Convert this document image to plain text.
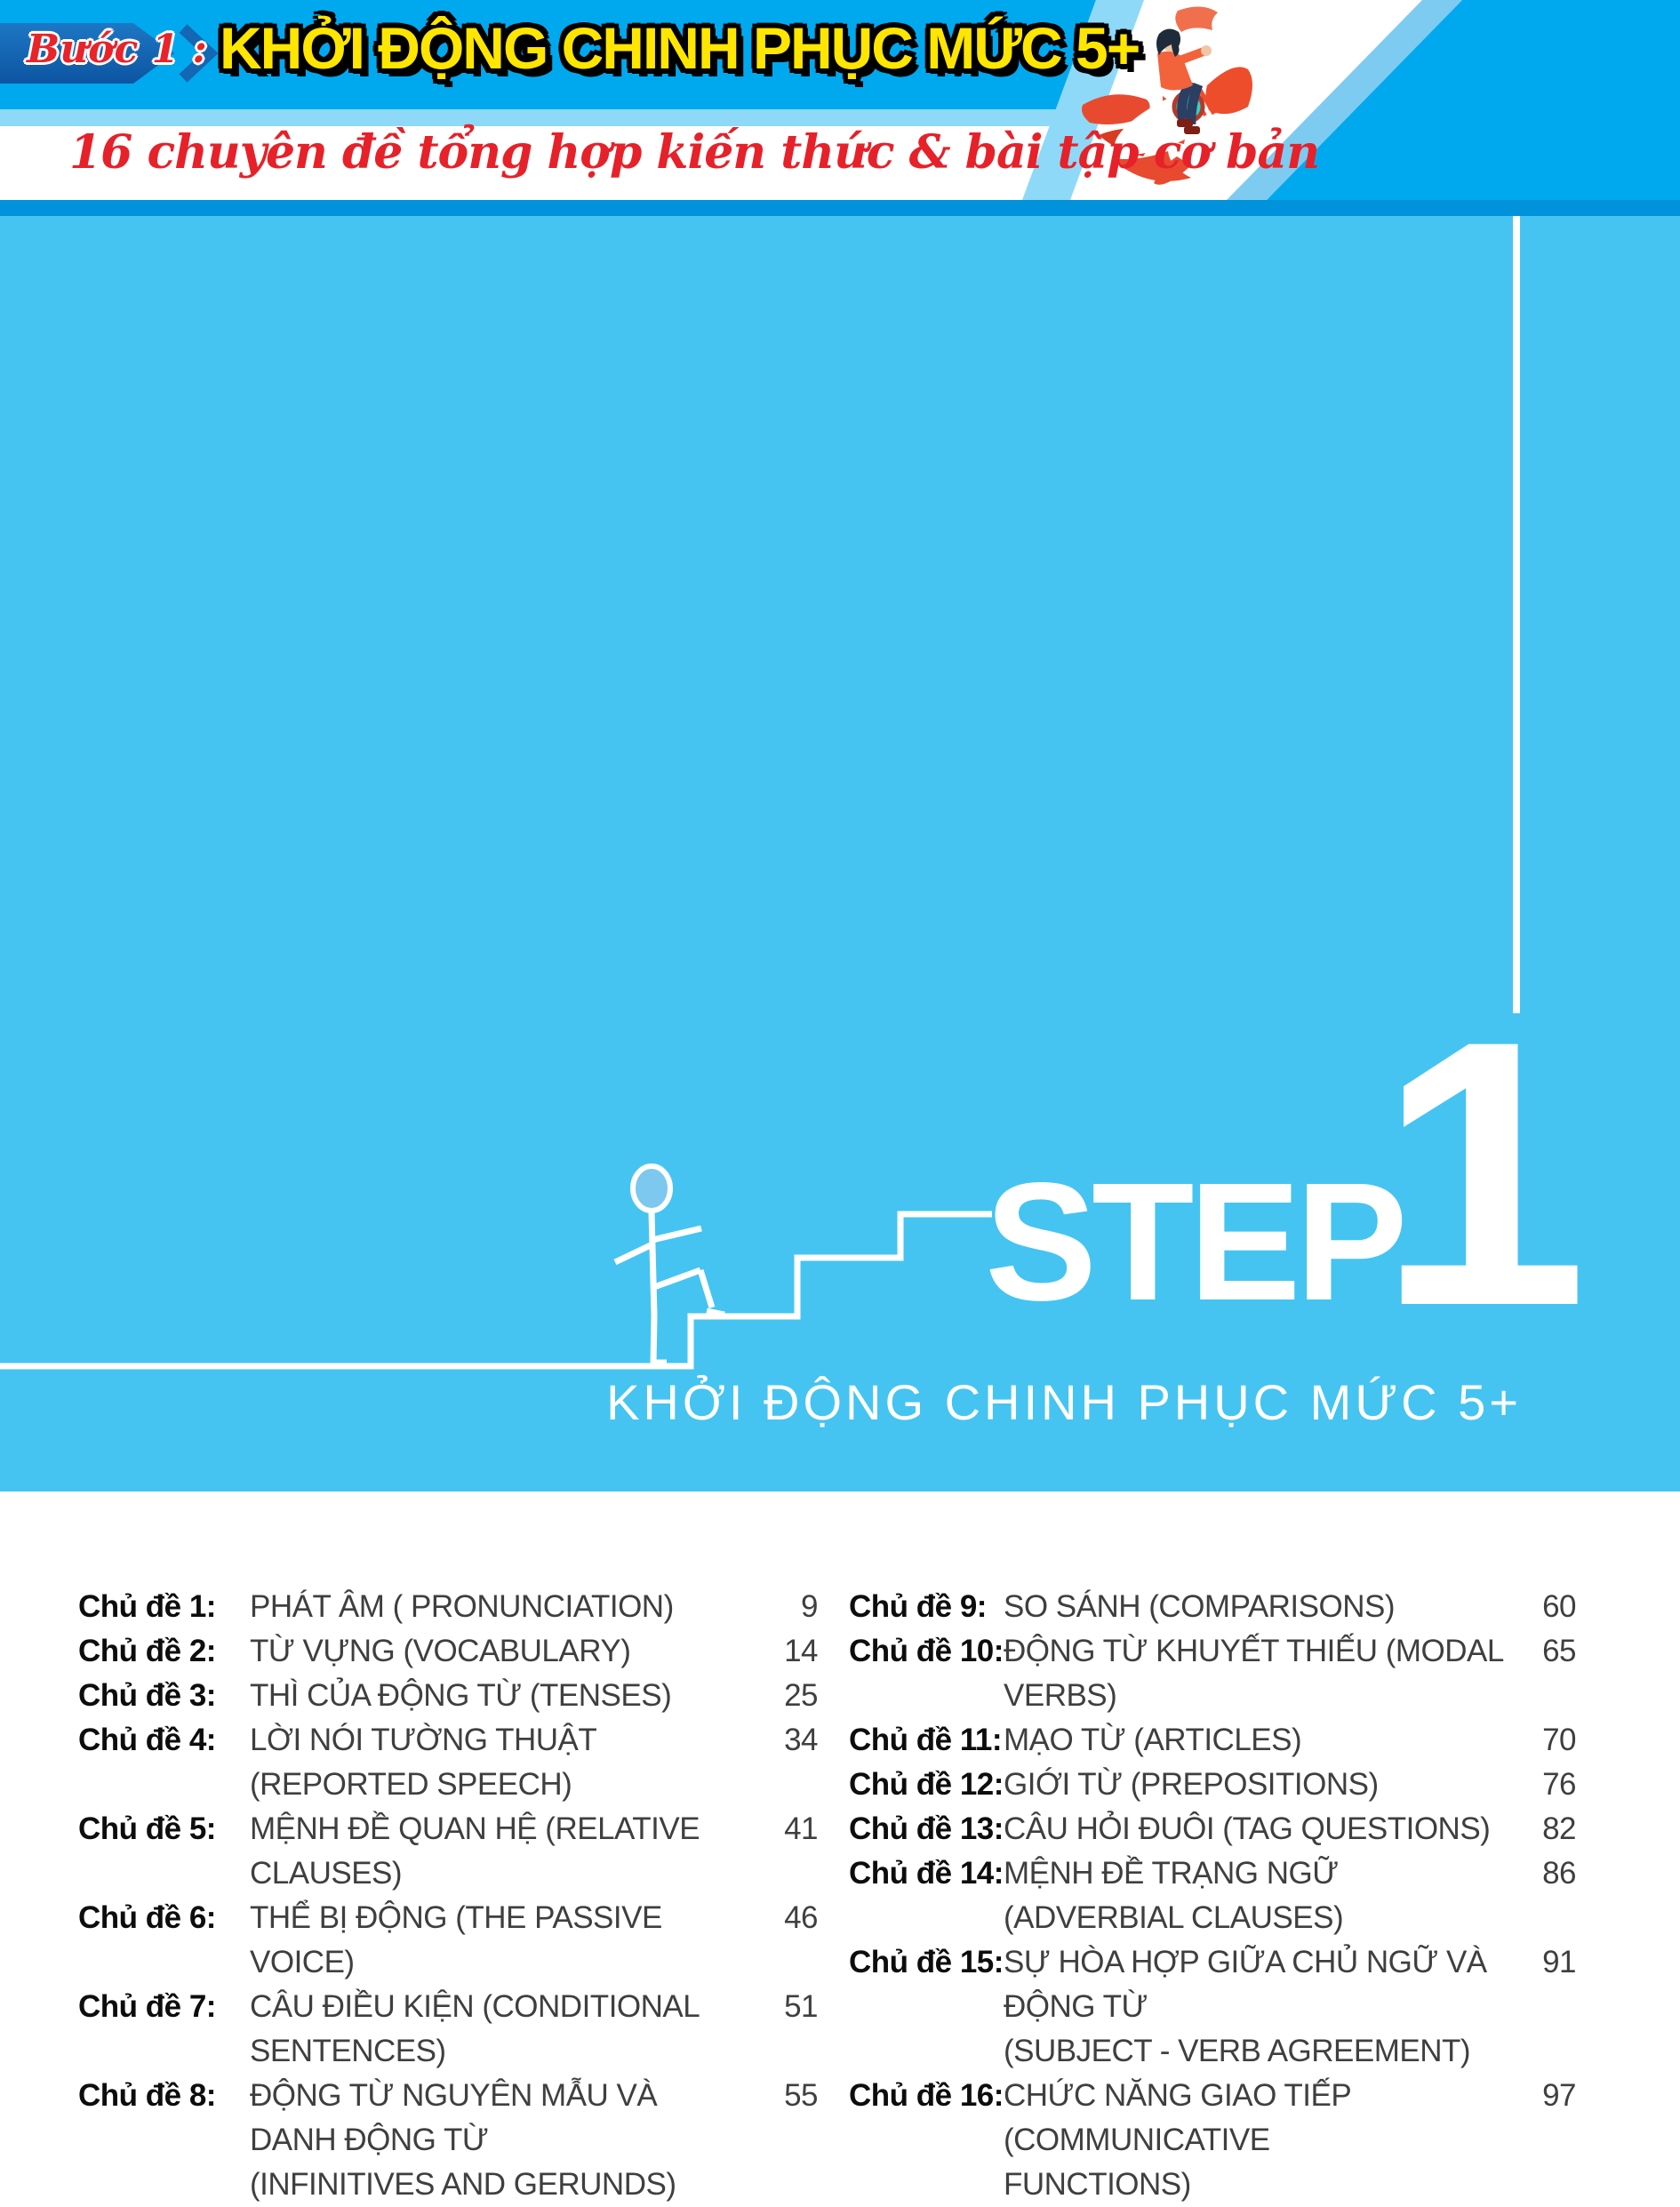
Bước 1 : KHỞI ĐỘNG CHINH PHỤC MỨC 5+
16 chuyên đề tổng hợp kiến thức & bài tập cơ bản
STEP
1
KHỞI ĐỘNG CHINH PHỤC MỨC 5+
Chủ đề 1:	PHÁT ÂM ( PRONUNCIATION)	9
Chủ đề 2:	TỪ VỰNG (VOCABULARY)	14
Chủ đề 3:	THÌ CỦA ĐỘNG TỪ (TENSES)	25
Chủ đề 4:	LỜI NÓI TƯỜNG THUẬT (REPORTED SPEECH)
34
Chủ đề 5:	MỆNH ĐỀ QUAN HỆ (RELATIVE CLAUSES)
41
Chủ đề 6:	THỂ BỊ ĐỘNG (THE PASSIVE VOICE)
46
Chủ đề 7:	CÂU ĐIỀU KIỆN (CONDITIONAL SENTENCES)
51
Chủ đề 8:	ĐỘNG TỪ NGUYÊN MẪU VÀ DANH ĐỘNG TỪ
(INFINITIVES AND GERUNDS)
55
Chủ đề 9: SO SÁNH (COMPARISONS)	60
Chủ đề 10: ĐỘNG TỪ KHUYẾT THIẾU (MODAL VERBS)
65
Chủ đề 11: MẠO TỪ (ARTICLES)	70
Chủ đề 12: GIỚI TỪ (PREPOSITIONS)	76
Chủ đề 13: CÂU HỎI ĐUÔI (TAG QUESTIONS)	82
Chủ đề 14: MỆNH ĐỀ TRẠNG NGỮ (ADVERBIAL CLAUSES)
86
Chủ đề 15: SỰ HÒA HỢP GIỮA CHỦ NGỮ VÀ ĐỘNG TỪ
(SUBJECT - VERB AGREEMENT)
91
Chủ đề 16: CHỨC NĂNG GIAO TIẾP (COMMUNICATIVE
FUNCTIONS)
97
